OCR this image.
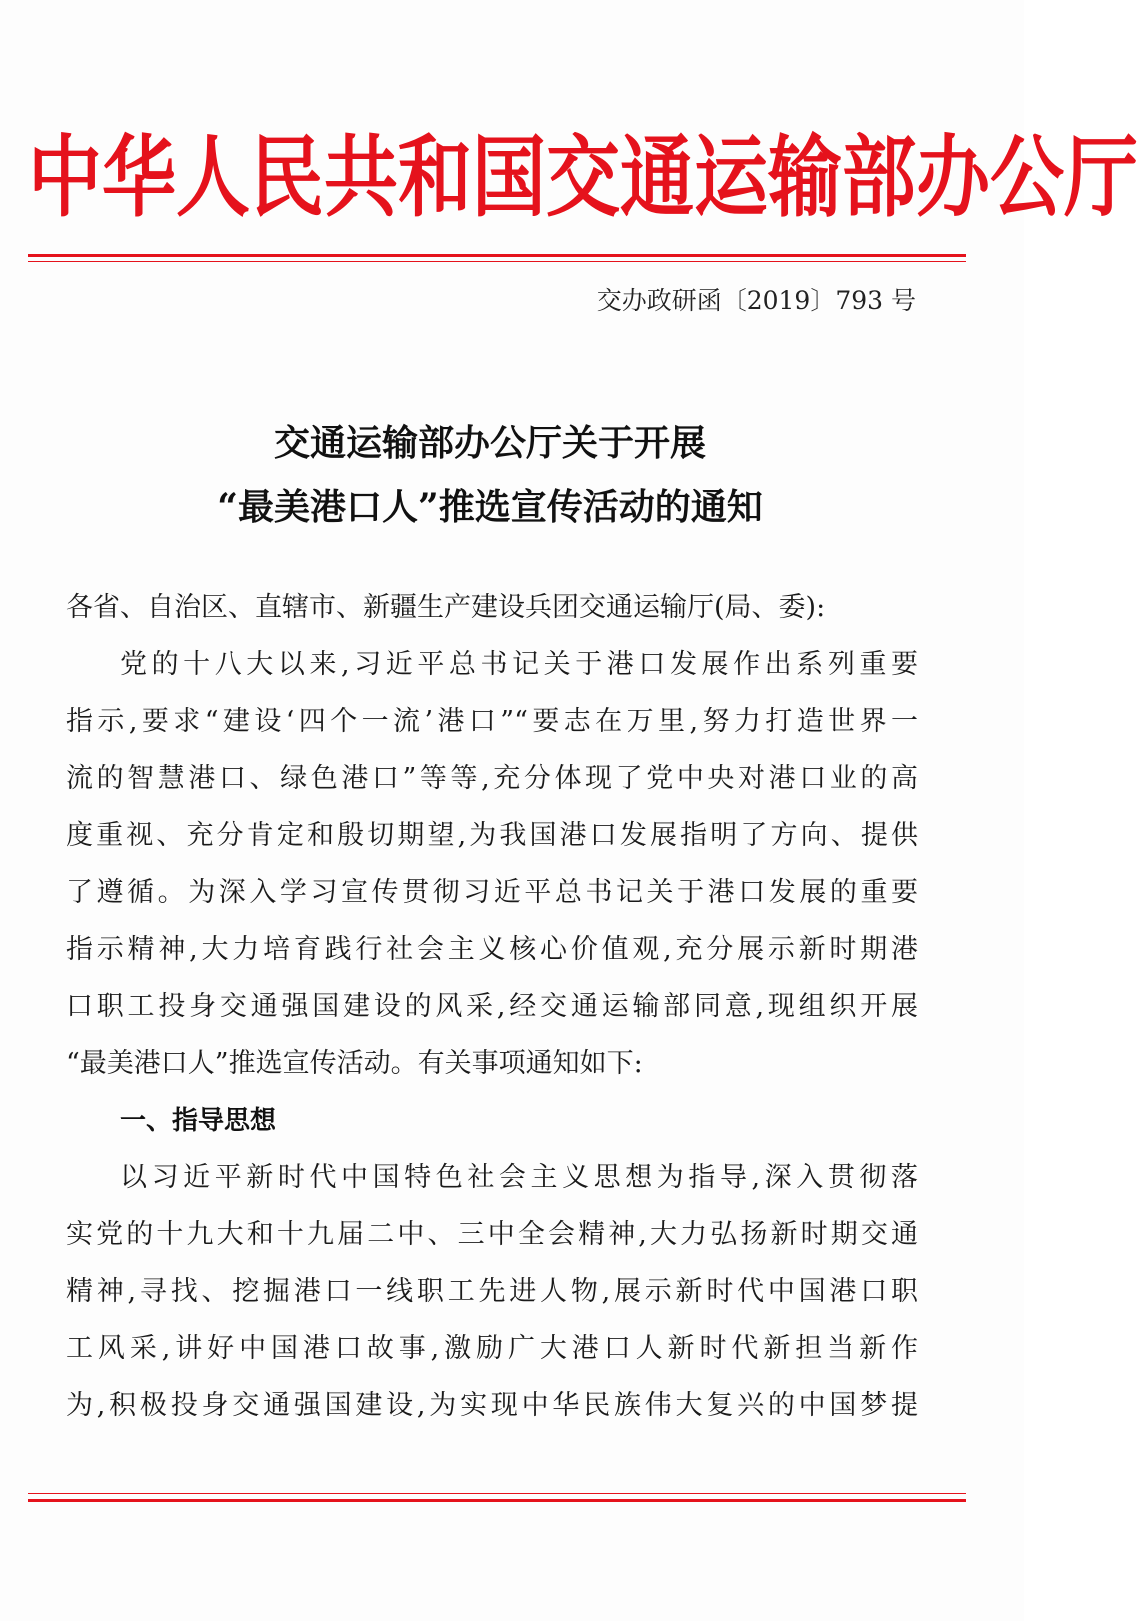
中华人民共和国交通运输部办公厅
交办政研函〔2019〕793 号
交通运输部办公厅关于开展
“最美港口人”推选宣传活动的通知
各省、自治区、直辖市、新疆生产建设兵团交通运输厅(局、委):
党的十八大以来,习近平总书记关于港口发展作出系列重要
指示,要求“建设‘四个一流’港口”“要志在万里,努力打造世界一
流的智慧港口、绿色港口”等等,充分体现了党中央对港口业的高
度重视、充分肯定和殷切期望,为我国港口发展指明了方向、提供
了遵循。为深入学习宣传贯彻习近平总书记关于港口发展的重要
指示精神,大力培育践行社会主义核心价值观,充分展示新时期港
口职工投身交通强国建设的风采,经交通运输部同意,现组织开展
“最美港口人”推选宣传活动。有关事项通知如下:
一、指导思想
以习近平新时代中国特色社会主义思想为指导,深入贯彻落
实党的十九大和十九届二中、三中全会精神,大力弘扬新时期交通
精神,寻找、挖掘港口一线职工先进人物,展示新时代中国港口职
工风采,讲好中国港口故事,激励广大港口人新时代新担当新作
为,积极投身交通强国建设,为实现中华民族伟大复兴的中国梦提
